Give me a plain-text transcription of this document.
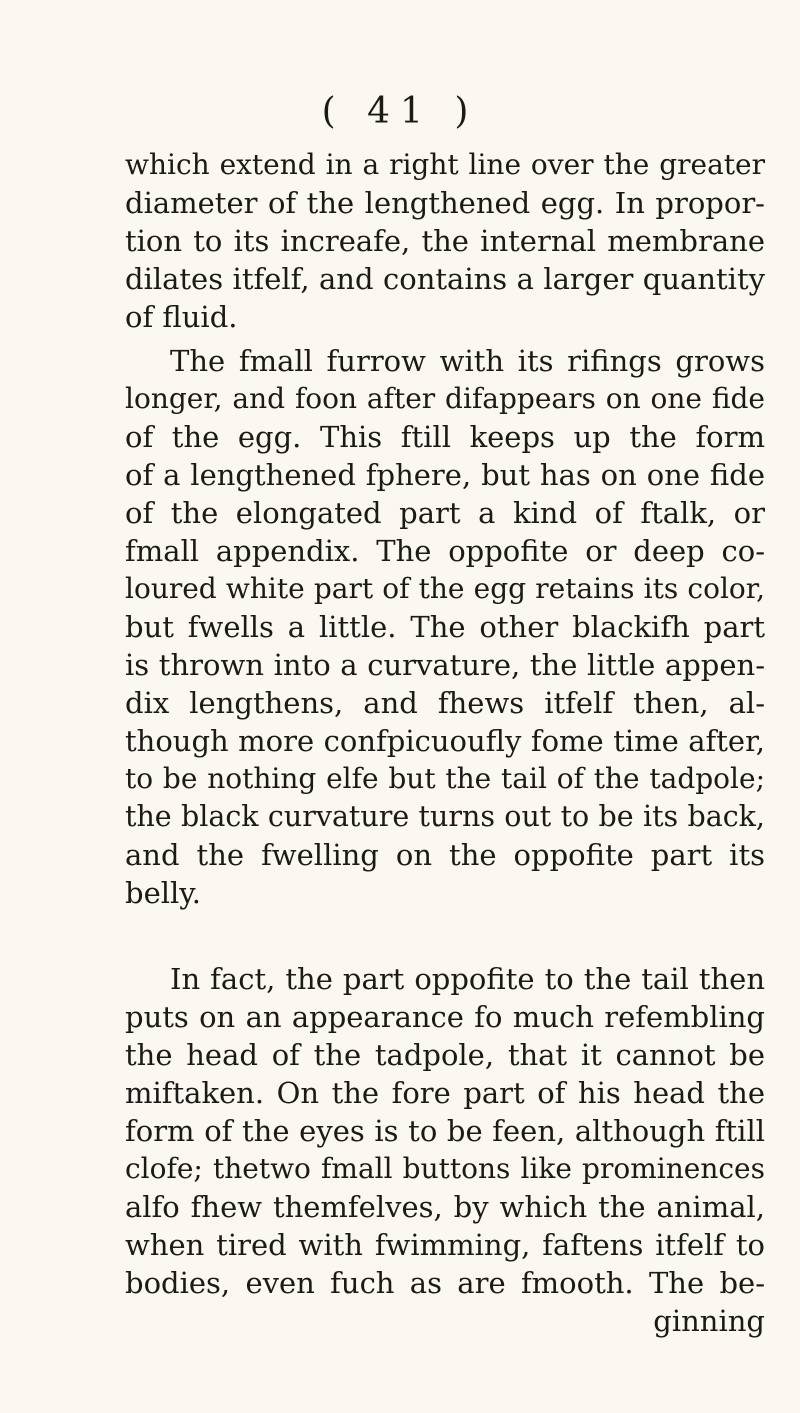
( 41 )
which extend in a right line over the greater
diameter of the lengthened egg. In propor-
tion to its increafe, the internal membrane
dilates itfelf, and contains a larger quantity
of fluid.
The fmall furrow with its rifings grows
longer, and foon after difappears on one fide
of the egg. This ftill keeps up the form
of a lengthened fphere, but has on one fide
of the elongated part a kind of ftalk, or
fmall appendix. The oppofite or deep co-
loured white part of the egg retains its color,
but fwells a little. The other blackifh part
is thrown into a curvature, the little appen-
dix lengthens, and fhews itfelf then, al-
though more confpicuoufly fome time after,
to be nothing elfe but the tail of the tadpole;
the black curvature turns out to be its back,
and the fwelling on the oppofite part its
belly.
In fact, the part oppofite to the tail then
puts on an appearance fo much refembling
the head of the tadpole, that it cannot be
miftaken. On the fore part of his head the
form of the eyes is to be feen, although ftill
clofe; thetwo fmall buttons like prominences
alfo fhew themfelves, by which the animal,
when tired with fwimming, faftens itfelf to
bodies, even fuch as are fmooth. The be-
ginning
